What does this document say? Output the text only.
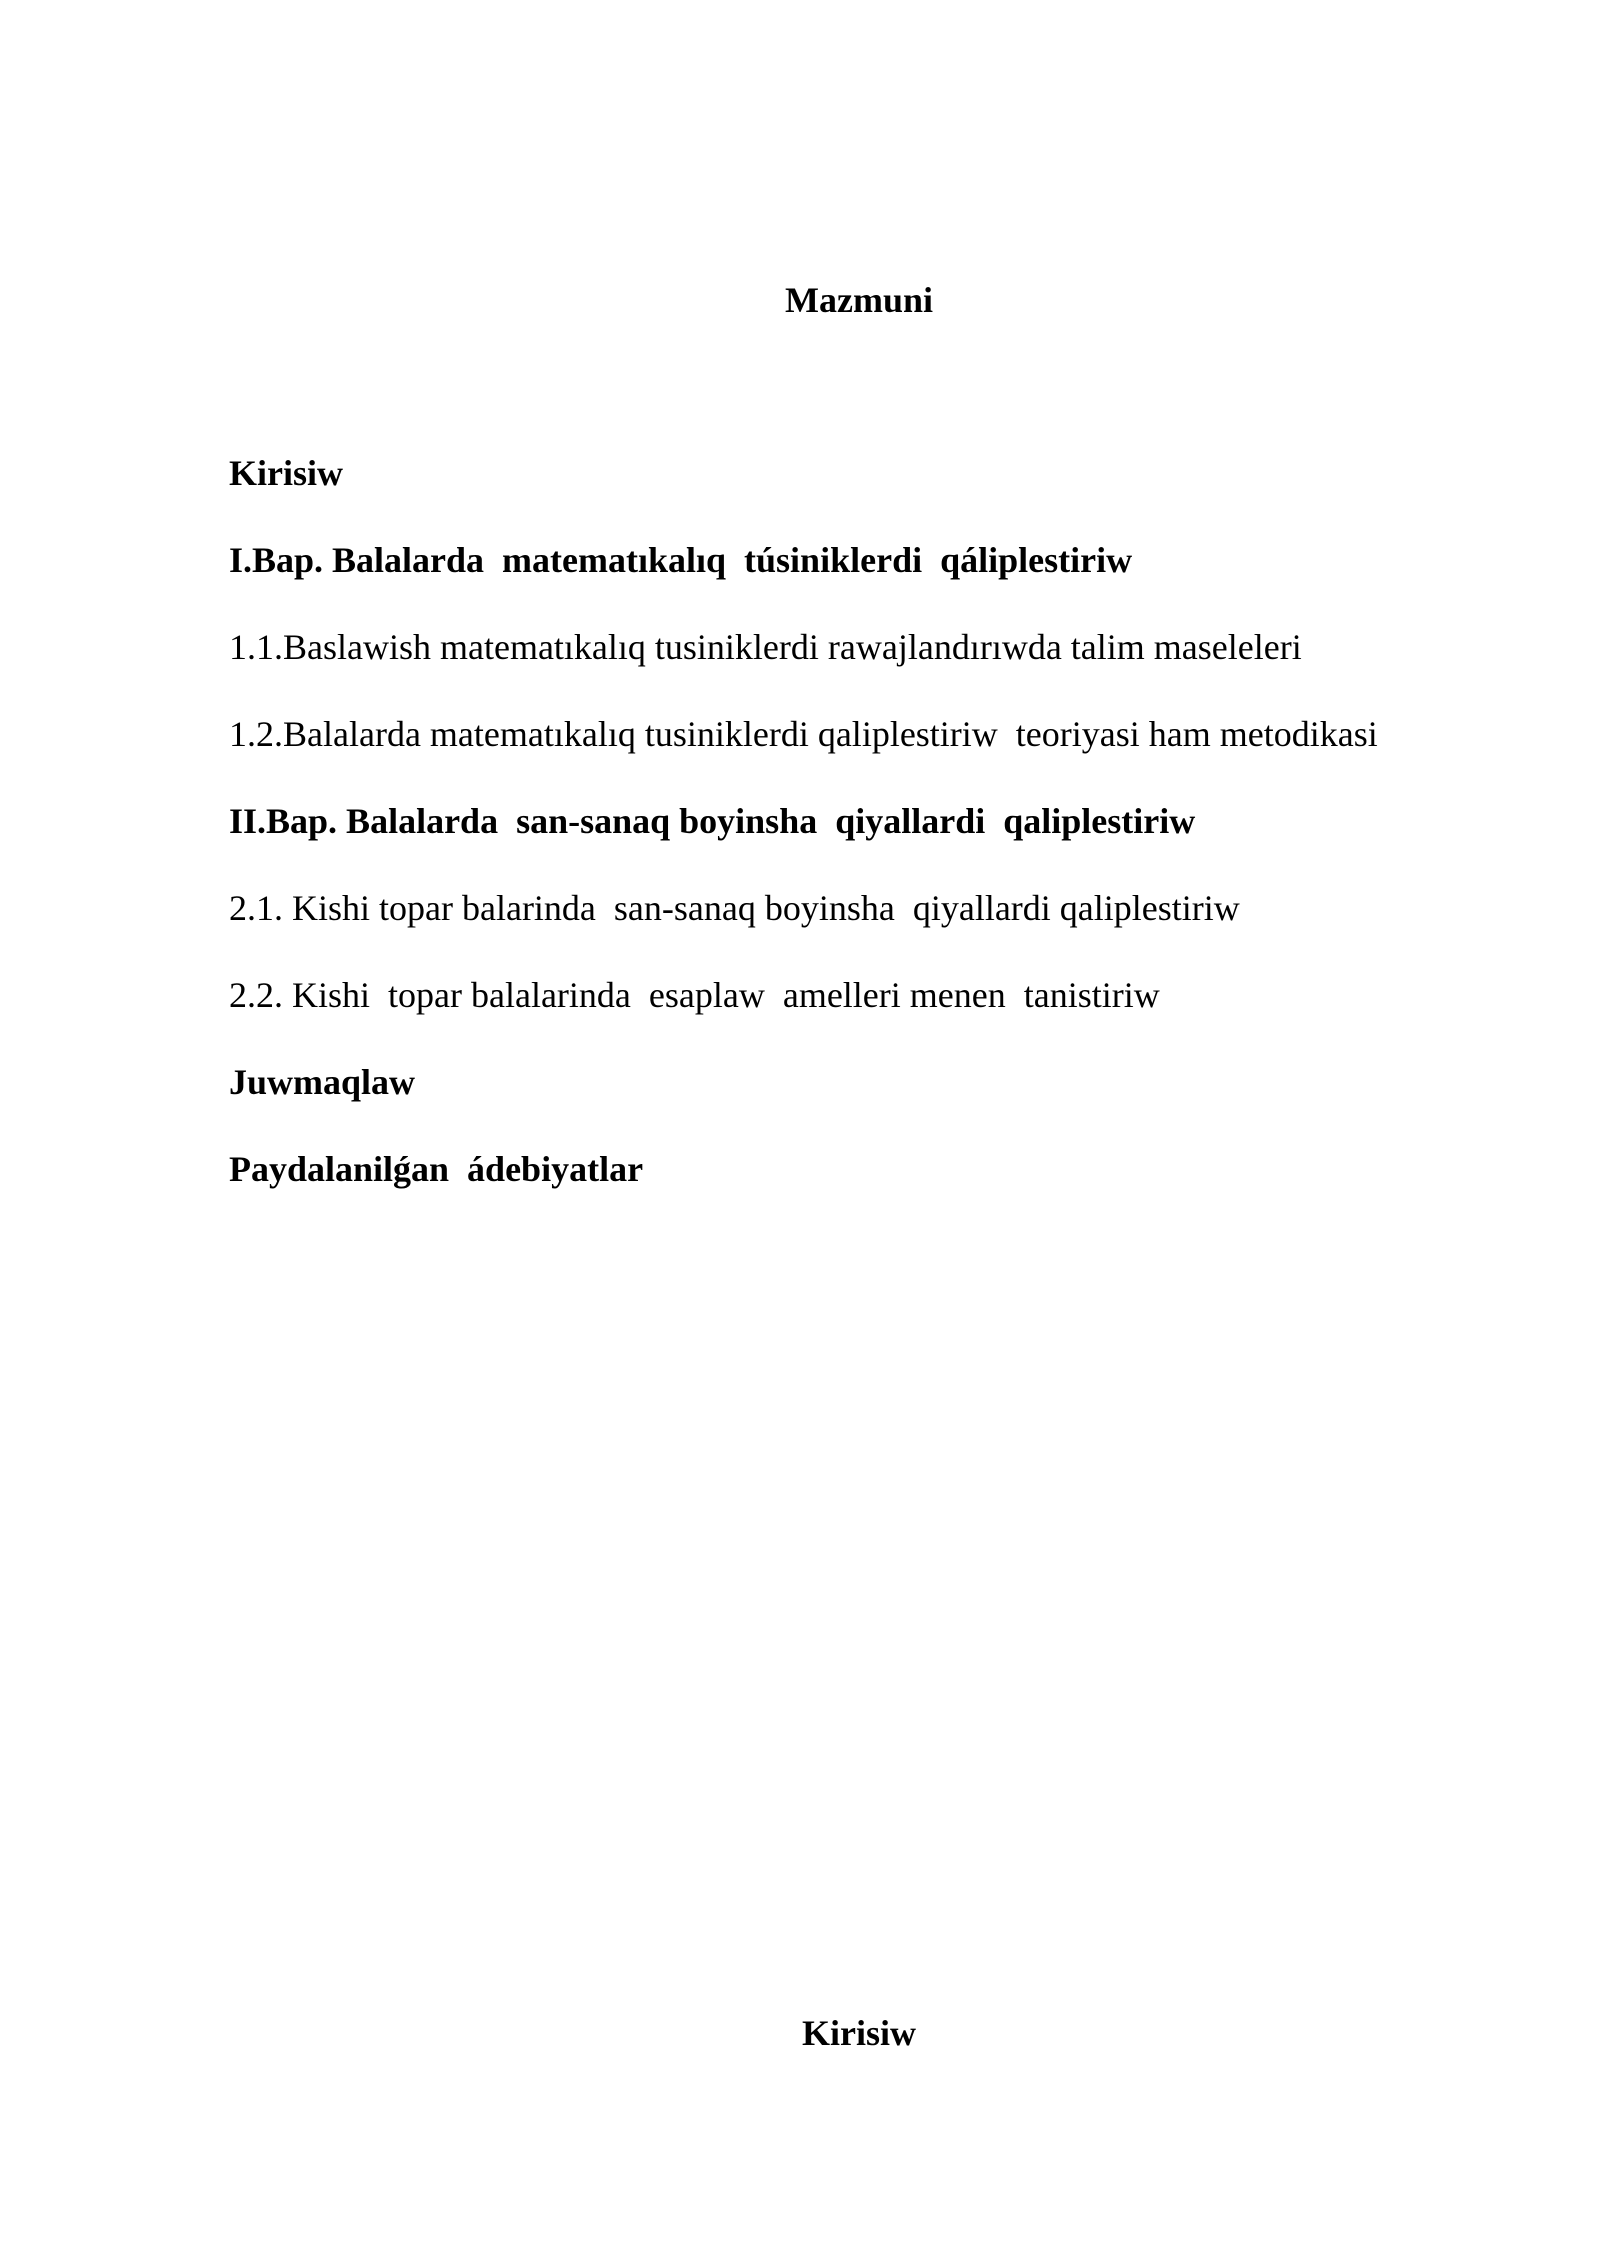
Mazmuni
Kirisiw
I.Bap. Balalarda  matematıkalıq  túsiniklerdi  qáliplestiriw
1.1.Baslawish matematıkalıq tusiniklerdi rawajlandırıwda talim maseleleri
1.2.Balalarda matematıkalıq tusiniklerdi qaliplestiriw  teoriyasi ham metodikasi
II.Bap. Balalarda  san-sanaq boyinsha  qiyallardi  qaliplestiriw
2.1. Kishi topar balarinda  san-sanaq boyinsha  qiyallardi qaliplestiriw
2.2. Kishi  topar balalarinda  esaplaw  amelleri menen  tanistiriw
Juwmaqlaw
Paydalanilǵan  ádebiyatlar
Kirisiw
